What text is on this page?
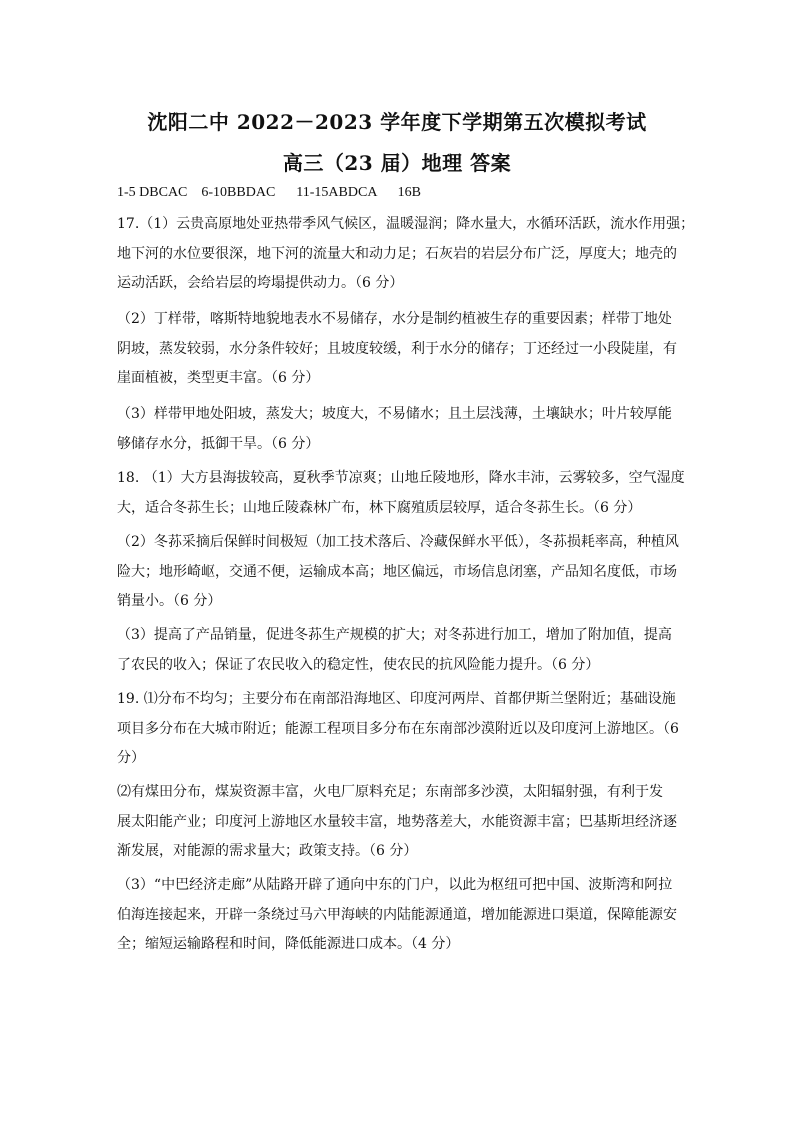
沈阳二中 2022－2023 学年度下学期第五次模拟考试
高三（23 届）地理 答案
1-5 DBCAC    6-10BBDAC      11-15ABDCA      16B
17.（1）云贵高原地处亚热带季风气候区，温暖湿润；降水量大，水循环活跃，流水作用强；
地下河的水位要很深，地下河的流量大和动力足；石灰岩的岩层分布广泛，厚度大；地壳的
运动活跃，会给岩层的垮塌提供动力。（6 分）
（2）丁样带，喀斯特地貌地表水不易储存，水分是制约植被生存的重要因素；样带丁地处
阴坡，蒸发较弱，水分条件较好；且坡度较缓，利于水分的储存；丁还经过一小段陡崖，有
崖面植被，类型更丰富。（6 分）
（3）样带甲地处阳坡，蒸发大；坡度大，不易储水；且土层浅薄，土壤缺水；叶片较厚能
够储存水分，抵御干旱。（6 分）
18. （1）大方县海拔较高，夏秋季节凉爽；山地丘陵地形，降水丰沛，云雾较多，空气湿度
大，适合冬荪生长；山地丘陵森林广布，林下腐殖质层较厚，适合冬荪生长。（6 分）
（2）冬荪采摘后保鲜时间极短（加工技术落后、冷藏保鲜水平低），冬荪损耗率高，种植风
险大；地形崎岖，交通不便，运输成本高；地区偏远，市场信息闭塞，产品知名度低，市场
销量小。（6 分）
（3）提高了产品销量，促进冬荪生产规模的扩大；对冬荪进行加工，增加了附加值，提高
了农民的收入；保证了农民收入的稳定性，使农民的抗风险能力提升。（6 分）
19. ⑴分布不均匀；主要分布在南部沿海地区、印度河两岸、首都伊斯兰堡附近；基础设施
项目多分布在大城市附近；能源工程项目多分布在东南部沙漠附近以及印度河上游地区。（6
分）
⑵有煤田分布，煤炭资源丰富，火电厂原料充足；东南部多沙漠，太阳辐射强，有利于发
展太阳能产业；印度河上游地区水量较丰富，地势落差大，水能资源丰富；巴基斯坦经济逐
渐发展，对能源的需求量大；政策支持。（6 分）
（3）“中巴经济走廊”从陆路开辟了通向中东的门户，以此为枢纽可把中国、波斯湾和阿拉
伯海连接起来，开辟一条绕过马六甲海峡的内陆能源通道，增加能源进口渠道，保障能源安
全；缩短运输路程和时间，降低能源进口成本。（4 分）
